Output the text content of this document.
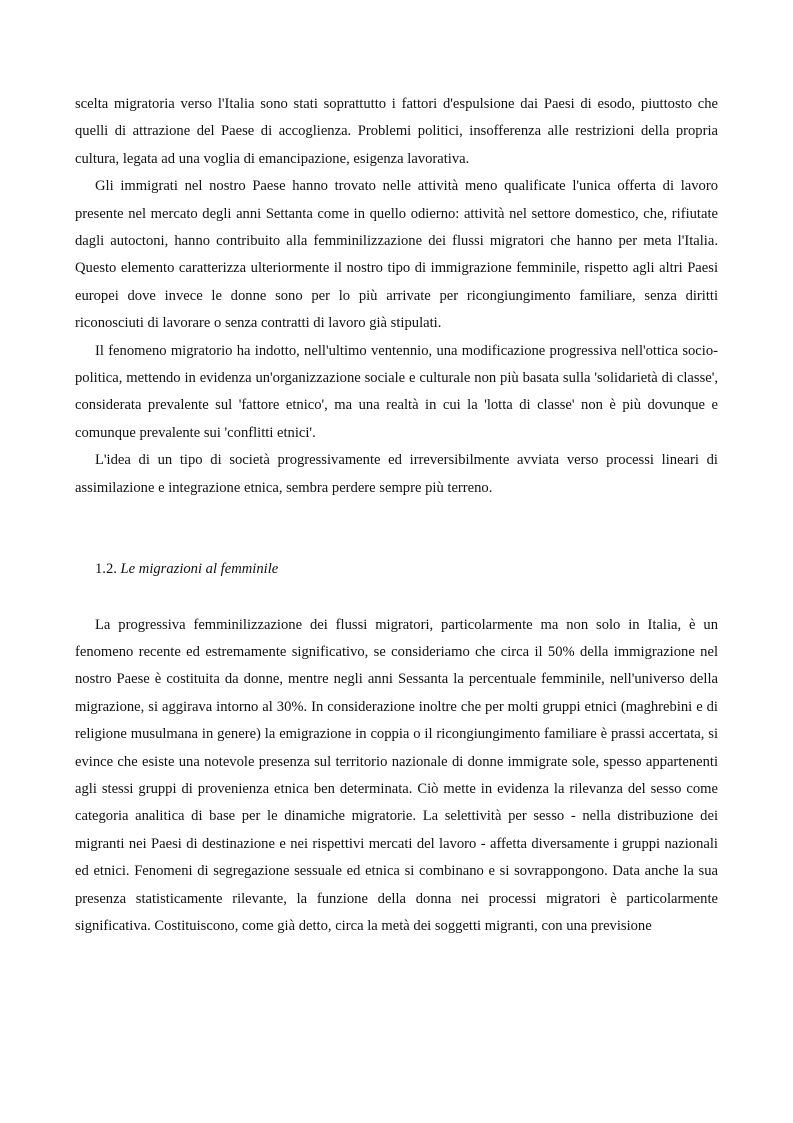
scelta migratoria verso l'Italia sono stati soprattutto i fattori d'espulsione dai Paesi di esodo, piuttosto che quelli di attrazione del Paese di accoglienza. Problemi politici, insofferenza alle restrizioni della propria cultura, legata ad una voglia di emancipazione, esigenza lavorativa.

Gli immigrati nel nostro Paese hanno trovato nelle attività meno qualificate l'unica offerta di lavoro presente nel mercato degli anni Settanta come in quello odierno: attività nel settore domestico, che, rifiutate dagli autoctoni, hanno contribuito alla femminilizzazione dei flussi migratori che hanno per meta l'Italia. Questo elemento caratterizza ulteriormente il nostro tipo di immigrazione femminile, rispetto agli altri Paesi europei dove invece le donne sono per lo più arrivate per ricongiungimento familiare, senza diritti riconosciuti di lavorare o senza contratti di lavoro già stipulati.

Il fenomeno migratorio ha indotto, nell'ultimo ventennio, una modificazione progressiva nell'ottica socio-politica, mettendo in evidenza un'organizzazione sociale e culturale non più basata sulla 'solidarietà di classe', considerata prevalente sul 'fattore etnico', ma una realtà in cui la 'lotta di classe' non è più dovunque e comunque prevalente sui 'conflitti etnici'.

L'idea di un tipo di società progressivamente ed irreversibilmente avviata verso processi lineari di assimilazione e integrazione etnica, sembra perdere sempre più terreno.

1.2. Le migrazioni al femminile

La progressiva femminilizzazione dei flussi migratori, particolarmente ma non solo in Italia, è un fenomeno recente ed estremamente significativo, se consideriamo che circa il 50% della immigrazione nel nostro Paese è costituita da donne, mentre negli anni Sessanta la percentuale femminile, nell'universo della migrazione, si aggirava intorno al 30%. In considerazione inoltre che per molti gruppi etnici (maghrebini e di religione musulmana in genere) la emigrazione in coppia o il ricongiungimento familiare è prassi accertata, si evince che esiste una notevole presenza sul territorio nazionale di donne immigrate sole, spesso appartenenti agli stessi gruppi di provenienza etnica ben determinata. Ciò mette in evidenza la rilevanza del sesso come categoria analitica di base per le dinamiche migratorie. La selettività per sesso - nella distribuzione dei migranti nei Paesi di destinazione e nei rispettivi mercati del lavoro - affetta diversamente i gruppi nazionali ed etnici. Fenomeni di segregazione sessuale ed etnica si combinano e si sovrappongono. Data anche la sua presenza statisticamente rilevante, la funzione della donna nei processi migratori è particolarmente significativa. Costituiscono, come già detto, circa la metà dei soggetti migranti, con una previsione
